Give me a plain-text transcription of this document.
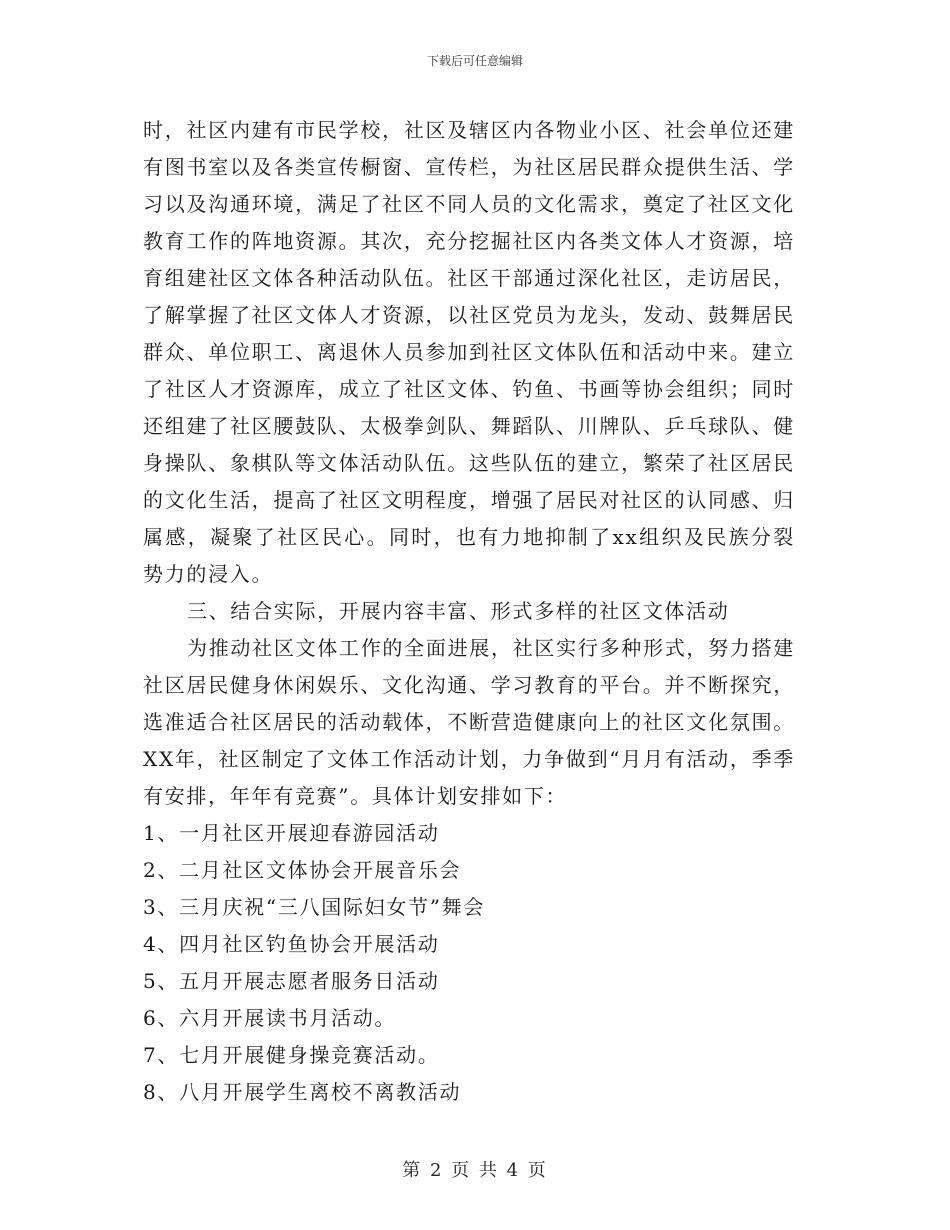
下载后可任意编辑

时，社区内建有市民学校，社区及辖区内各物业小区、社会单位还建有图书室以及各类宣传橱窗、宣传栏，为社区居民群众提供生活、学习以及沟通环境，满足了社区不同人员的文化需求，奠定了社区文化教育工作的阵地资源。其次，充分挖掘社区内各类文体人才资源，培育组建社区文体各种活动队伍。社区干部通过深化社区，走访居民，了解掌握了社区文体人才资源，以社区党员为龙头，发动、鼓舞居民群众、单位职工、离退休人员参加到社区文体队伍和活动中来。建立了社区人才资源库，成立了社区文体、钓鱼、书画等协会组织；同时还组建了社区腰鼓队、太极拳剑队、舞蹈队、川牌队、乒乓球队、健身操队、象棋队等文体活动队伍。这些队伍的建立，繁荣了社区居民的文化生活，提高了社区文明程度，增强了居民对社区的认同感、归属感，凝聚了社区民心。同时，也有力地抑制了xx组织及民族分裂势力的浸入。

三、结合实际，开展内容丰富、形式多样的社区文体活动

为推动社区文体工作的全面进展，社区实行多种形式，努力搭建社区居民健身休闲娱乐、文化沟通、学习教育的平台。并不断探究，选准适合社区居民的活动载体，不断营造健康向上的社区文化氛围。XX年，社区制定了文体工作活动计划，力争做到“月月有活动，季季有安排，年年有竞赛”。具体计划安排如下：

1、一月社区开展迎春游园活动

2、二月社区文体协会开展音乐会

3、三月庆祝“三八国际妇女节”舞会

4、四月社区钓鱼协会开展活动

5、五月开展志愿者服务日活动

6、六月开展读书月活动。

7、七月开展健身操竞赛活动。

8、八月开展学生离校不离教活动

第 2 页 共 4 页
